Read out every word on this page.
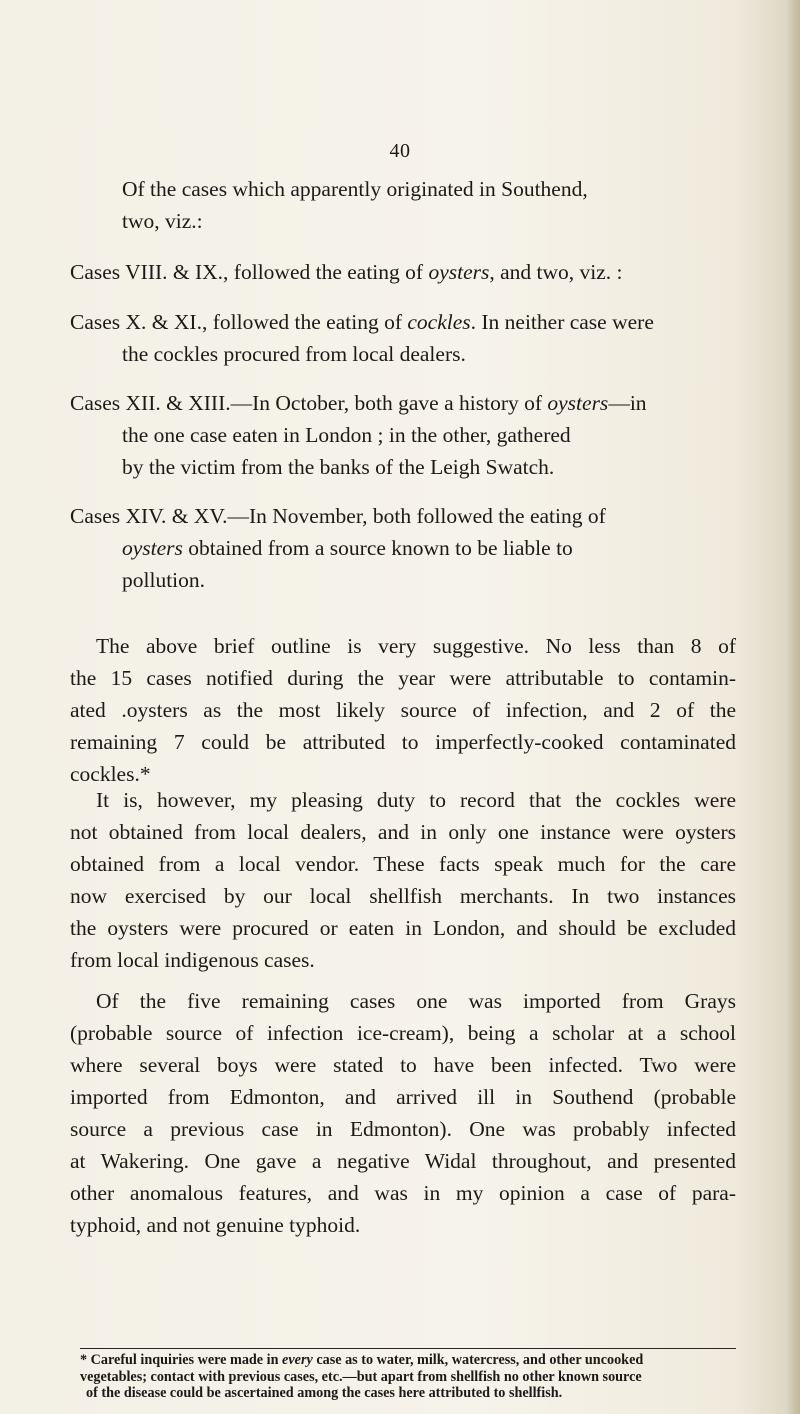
40
Of the cases which apparently originated in Southend,
two, viz.:
Cases VIII. & IX., followed the eating of oysters, and two, viz. :
Cases X. & XI., followed the eating of cockles. In neither case were
the cockles procured from local dealers.
Cases XII. & XIII.—In October, both gave a history of oysters—in
the one case eaten in London ; in the other, gathered
by the victim from the banks of the Leigh Swatch.
Cases XIV. & XV.—In November, both followed the eating of
oysters obtained from a source known to be liable to
pollution.
The above brief outline is very suggestive. No less than 8 of
the 15 cases notified during the year were attributable to contamin-
ated .oysters as the most likely source of infection, and 2 of the
remaining 7 could be attributed to imperfectly-cooked contaminated
cockles.*
It is, however, my pleasing duty to record that the cockles were
not obtained from local dealers, and in only one instance were oysters
obtained from a local vendor. These facts speak much for the care
now exercised by our local shellfish merchants. In two instances
the oysters were procured or eaten in London, and should be excluded
from local indigenous cases.
Of the five remaining cases one was imported from Grays
(probable source of infection ice-cream), being a scholar at a school
where several boys were stated to have been infected. Two were
imported from Edmonton, and arrived ill in Southend (probable
source a previous case in Edmonton). One was probably infected
at Wakering. One gave a negative Widal throughout, and presented
other anomalous features, and was in my opinion a case of para-
typhoid, and not genuine typhoid.
* Careful inquiries were made in every case as to water, milk, watercress, and other uncooked
vegetables; contact with previous cases, etc.—but apart from shellfish no other known source
of the disease could be ascertained among the cases here attributed to shellfish.
